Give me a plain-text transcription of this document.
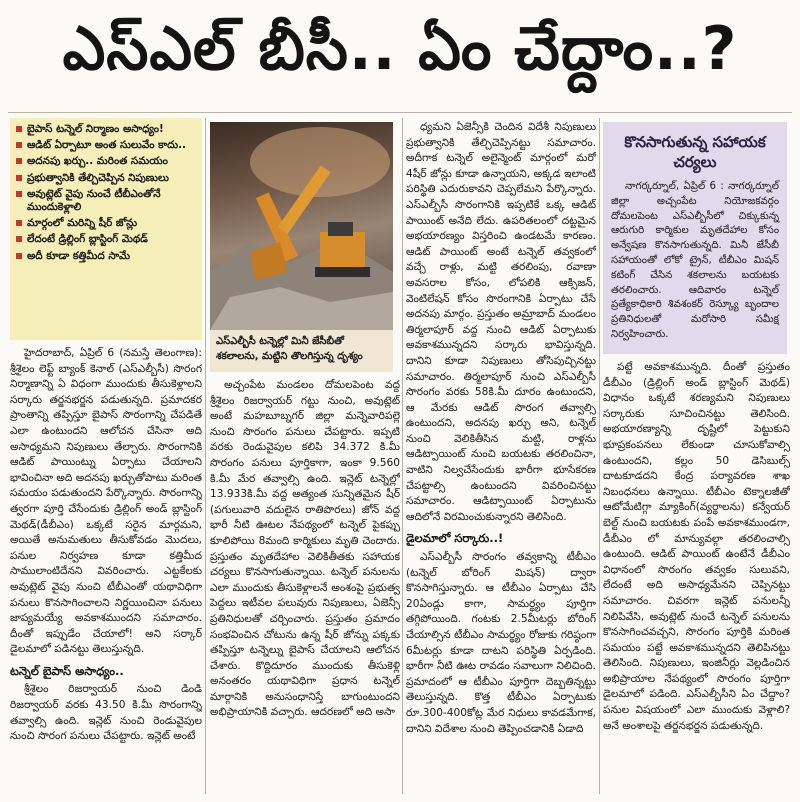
ఎస్ఎల్ బీసీ.. ఏం చేద్దాం..?
బైపాస్ టన్నెల్ నిర్మాణం అసాధ్యం!
ఆడిట్ ఏర్పాటూ అంత సులువేం కాదు..
అదనపు ఖర్చు.. మరింత సమయం
ప్రభుత్వానికి తేల్చిచెప్పిన నిపుణులు
అవుట్లెట్ వైపు నుంచే టీబీఎంతోనే ముందుకెళ్లాలి
మార్గంలో మరిన్ని షీర్ జోన్లు
లేదంటే డ్రిల్లింగ్ బ్లాస్టింగ్ మెథడ్
అదీ కూడా కత్తిమీద సామే
ఎస్ఎల్బీసీ టన్నెల్లో మినీ జేసీబీతో శకలాలను, మట్టిని తొలగిస్తున్న దృశ్యం

హైదరాబాద్, ఏప్రిల్ 6 (నమస్తే తెలంగాణ): శ్రీశైలం లెఫ్ట్ బ్యాంక్ కెనాల్ (ఎస్ఎల్బీసీ) సొరంగ నిర్మాణాన్ని ఏ విధంగా ముందుకు తీసుకెళ్లాలని సర్కారు తర్జనభర్జన పడుతున్నది. ప్రమాదకర ప్రాంతాన్ని తప్పిస్తూ బైపాస్ సొరంగాన్ని చేపడితే ఎలా ఉంటుందని ఆలోచన చేసినా అది అసాధ్యమని నిపుణులు తేల్చారు. సొరంగానికి ఆడిట్ పాయింట్ను ఏర్పాటు చేయాలని భావించినా అది అదనపు ఖర్చుతోపాటు మరింత సమయం పడుతుందని పేర్కొన్నారు. సొరంగాన్ని త్వరగా పూర్తి చేసేందుకు డ్రిల్లింగ్ అండ్ బ్లాస్టింగ్ మెథడ్(డీబీఎం) ఒక్కటే సరైన మార్గమని, అయితే అనుమతులు తీసుకోవడం మొదలు, పనుల నిర్వహణ కూడా కత్తిమీద సాములాంటిదేనని వివరించారు. ఎట్టకేలకు అవుట్లెట్ వైపు నుంచి టీబీఎంతో యథావిధిగా పనులు కొనసాగించాలని నిర్ణయించినా పనులు జాప్యమయ్యే అవకాశముందని సమాచారం. దీంతో ఇప్పుడేం చేయాలో! అని సర్కార్ డైలమాలో పడినట్టు తెలుస్తున్నది.

టన్నెల్ బైపాస్ అసాధ్యం..

శ్రీశైలం రిజర్వాయర్ నుంచి డిండి రిజర్వాయర్ వరకు 43.50 కి.మీ సొరంగాన్ని తవ్వాల్సి ఉంది. ఇన్లెట్ నుంచి రెండువైపుల నుంచి సొరంగ పనులు చేపట్టారు. ఇన్లెట్ అంటే

అచ్చంపేట మండలం దోమలపెంట వద్ద శ్రీశైలం రిజర్వాయర్ గట్టు నుంచి, అవుట్లెట్ అంటే మహబూబ్నగర్ జిల్లా మన్నెవారిపల్లె నుంచి సొరంగం పనులు చేపట్టారు. ఇప్పటి వరకు రెండువైపుల కలిపి 34.372 కి.మీ సొరంగం పనులు పూర్తికాగా, ఇంకా 9.560 కి.మీ మేర తవ్వాల్సి ఉంది. ఇన్లెట్ టన్నెల్లో 13.933కి.మీ వద్ద అత్యంత సున్నితమైన షీర్ (పగులువారి వదులైన రాతిపొరలు) జోన్ వద్ద భారీ నీటి ఊటల నేపథ్యంలో టన్నెల్ పైకప్పు కూలిపోయి 8మంది కార్మికులు మృతి చెందారు. ప్రస్తుతం మృతదేహాల వెలికితీతకు సహాయక చర్యలు కొనసాగుతున్నాయి. టన్నెల్ పనులను ఎలా ముందుకు తీసుకెళ్లాలనే అంశంపై ప్రభుత్వ పెద్దలు ఇటీవల పలువురు నిపుణులు, ఏజెన్సీ ప్రతినిధులతో చర్చించారు. ప్రస్తుతం ప్రమాదం సంభవించిన చోటును ఉన్న షీర్ జోన్ను పక్కకు తప్పిస్తూ టన్నెల్ను బైపాస్ చేయాలని ఆలోచన చేశారు. కొద్దిదూరం ముందుకు తీసుకెళ్లి అనంతరం యథావిధిగా ప్రధాన టన్నెల్ మార్గానికి అనుసంధానిస్తే బాగుంటుందని అభిప్రాయానికి వచ్చారు. ఆదరణలో అది అసా

ధ్యమని ఏజెన్సీకి చెందిన విదేశీ నిపుణులు ప్రభుత్వానికి తేల్చిచెప్పినట్టు సమాచారం. అదీగాక టన్నెల్ అలైన్మెంట్ మార్గంలో మరో 4షీర్ జోన్లు కూడా ఉన్నాయని, అక్కడ ఇలాంటి పరిస్థితి ఎదురుకావని చెప్పలేమని పేర్కొన్నారు. ఎస్ఎల్బీసీ సొరంగానికి ఇప్పటికే ఒక్క ఆడిట్ పాయింట్ అనేది లేదు. ఉపరితలంలో దట్టమైన అభయారణ్యం విస్తరించి ఉండటమే కారణం. ఆడిట్ పాయింట్ అంటే టన్నెల్ తవ్వకంలో వచ్చే రాళ్లు, మట్టి తరలింపు, రవాణా అవసరాల కోసం, లోపలికి ఆక్సిజన్, వెంటిలేషన్ కోసం సొరంగానికి ఏర్పాటు చేసే అదనపు మార్గం. ప్రస్తుతం అమ్రాబాద్ మండలం తిర్మలాపూర్ వద్ద నుంచి ఆడిట్ ఏర్పాటుకు అవకాశమున్నదని సర్కారు భావిస్తున్నది. దానిని కూడా నిపుణులు తోసిపుచ్చినట్టు సమాచారం. తిర్మలాపూర్ నుంచి ఎస్ఎల్బీసీ సొరంగం వరకు 58కి.మీ దూరం ఉంటుందని, ఆ మేరకు ఆడిట్ సొరంగ తవ్వాల్సి ఉంటుందని, అదనపు ఖర్చు అని, టన్నెల్ నుంచి వెలికితీసిన మట్టి, రాళ్లను ఆడిట్పాయింట్ నుంచి బయటకు తరలించినా, వాటిని నిల్వచేసేందుకు భారీగా భూసేకరణ చేపట్టాల్సి ఉంటుందని వివరించినట్టు సమాచారం. ఆడిట్పాయింట్ ఏర్పాటును ఆదిలోనే విరమించుకున్నారని తెలిసింది.

డైలమాలో సర్కారు..!

ఎస్ఎల్బీసీ సొరంగం తవ్వకాన్ని టీబీఎం (టన్నెల్ బోరింగ్ మిషన్) ద్వారా కొనసాగిస్తున్నారు. ఆ టీబీఎం ఏర్పాటు చేసి 20ఏండ్లు కాగా, సామర్థ్యం పూర్తిగా తగ్గిపోయింది. గంటకు 2.5మీటర్లు బోరింగ్ చేయాల్సిన టీబీఎం సామర్థ్యం రోజుకు గరిష్ఠంగా 6మీటర్లు కూడా దాటని పరిస్థితి ఏర్పడింది. భారీగా నీటి ఊట రావడం సవాలుగా నిలిచింది. ప్రమాదంలో ఆ టీబీఎం పూర్తిగా దెబ్బతిన్నట్టు తెలుస్తున్నది. కొత్త టీబీఎం ఏర్పాటుకు రూ.300-400కోట్ల మేర నిధులు కావడమేగాక, దానిని విదేశాల నుంచి తెప్పించడానికి ఏడాది

కొనసాగుతున్న సహాయక చర్యలు

నాగర్కర్నూల్, ఏప్రిల్ 6 : నాగర్కర్నూల్ జిల్లా అచ్చంపేట నియోజకవర్గం దోమలపెంట ఎస్ఎల్బీసీలో చిక్కుకున్న ఆరుగురి కార్మికుల మృతదేహాల కోసం అన్వేషణ కొనసాగుతున్నది. మినీ జేసీబీ సహాయంతో లోకో ట్రైన్, టీబీఎం మిషన్ కటింగ్ చేసిన శకలాలను బయటకు తరలించారు. ఆదివారం టన్నెల్ ప్రత్యేకాధికారి శివశంకర్ రెస్క్యూ బృందాల ప్రతినిధులతో మరోసారి సమీక్ష నిర్వహించారు.

పట్టే అవకాశమున్నది. దీంతో ప్రస్తుతం డీబీఎం (డ్రిల్లింగ్ అండ్ బ్లాస్టింగ్ మెథడ్) విధానం ఒక్కటే శరణ్యమని నిపుణులు సర్కారుకు సూచించినట్టు తెలిసింది. అభయారణ్యాన్ని దృష్టిలో పెట్టుకుని భూప్రకంపనలు లేకుండా చూసుకోవాల్సి ఉంటుందని, కల్లం 50 డెసిబుల్స్ దాటకూడదని కేంద్ర పర్యావరణ శాఖ నిబంధనలు ఉన్నాయి. టీబీఎం టెక్నాలజీతో ఆటోమేటిగ్గా మ్యాకింగ్(వ్యర్థాలను) కన్వేయర్ బెల్ట్ నుంచి బయటకు పంపే అవకాశముండగా, డీబీఎం లో మాన్యువల్గా తరలించాల్సి ఉంటుంది. ఆడిట్ పాయింట్ ఉంటేనే డీబీఎం విధానంలో సొరంగం తవ్వకం సులువని, లేదంటే అది అసాధ్యమేనని చెప్పినట్టు సమాచారం. చివరగా ఇన్లెట్ పనులన్నీ నిలిపివేసి, అవుట్లెట్ నుంచే టన్నెల్ పనులను కొనసాగించవచ్చని, సొరంగం పూర్తికి మరింత సమయం పట్టే అవకాశమున్నదని తెలిపినట్టు తెలిసింది. నిపుణులు, ఇంజినీర్లు వెల్లడించిన అభిప్రాయాల నేపథ్యంలో సొరంగం పూర్తిగా డైలమాలో పడింది. ఎస్ఎల్బీసీని ఏం చేద్దాం? పనుల విషయంలో ఎలా ముందుకు వెళ్లాలి? అనే అంశాలపై తర్జనభర్జన పడుతున్నది.
